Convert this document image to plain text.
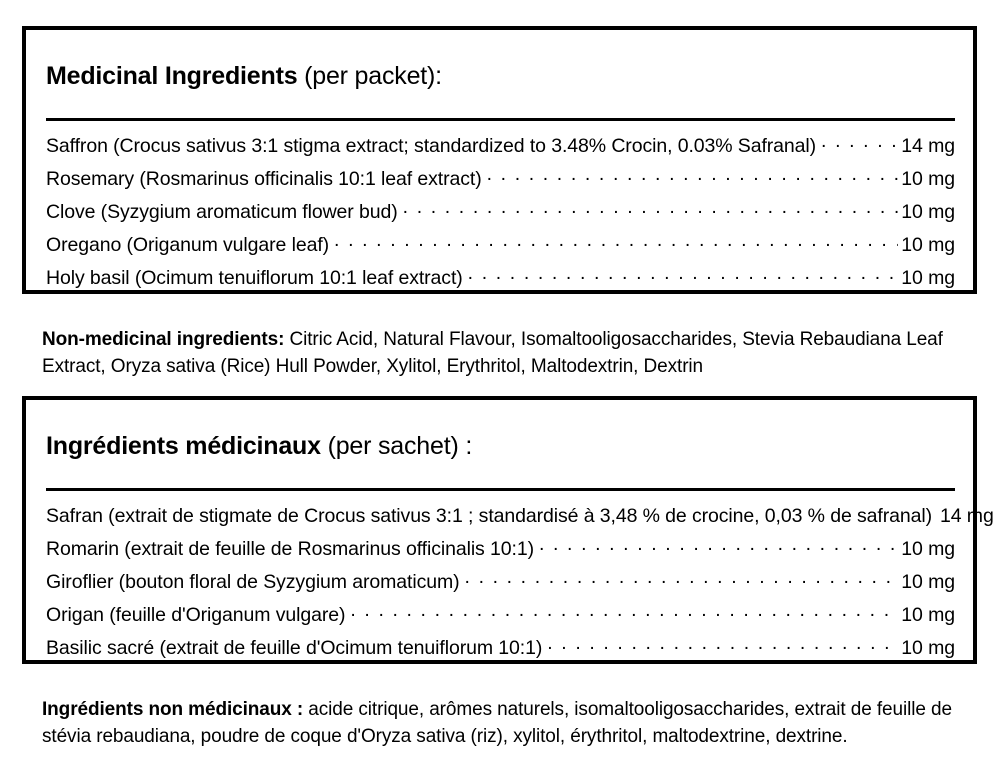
Medicinal Ingredients (per packet):
Saffron (Crocus sativus 3:1 stigma extract; standardized to 3.48% Crocin, 0.03% Safranal) . . .	14 mg
Rosemary (Rosmarinus officinalis 10:1 leaf extract) . . .	10 mg
Clove (Syzygium aromaticum flower bud) . . .	10 mg
Oregano (Origanum vulgare leaf) . . .	10 mg
Holy basil (Ocimum tenuiflorum 10:1 leaf extract) . . .	10 mg

Non-medicinal ingredients: Citric Acid, Natural Flavour, Isomaltooligosaccharides, Stevia Rebaudiana Leaf Extract, Oryza sativa (Rice) Hull Powder, Xylitol, Erythritol, Maltodextrin, Dextrin

Ingrédients médicinaux (per sachet) :
Safran (extrait de stigmate de Crocus sativus 3:1 ; standardisé à 3,48 % de crocine, 0,03 % de safranal) 14 mg
Romarin (extrait de feuille de Rosmarinus officinalis 10:1) . . .	10 mg
Giroflier (bouton floral de Syzygium aromaticum) . . .	10 mg
Origan (feuille d'Origanum vulgare) . . .	10 mg
Basilic sacré (extrait de feuille d'Ocimum tenuiflorum 10:1) . . .	10 mg

Ingrédients non médicinaux : acide citrique, arômes naturels, isomaltooligosaccharides, extrait de feuille de stévia rebaudiana, poudre de coque d'Oryza sativa (riz), xylitol, érythritol, maltodextrine, dextrine.
